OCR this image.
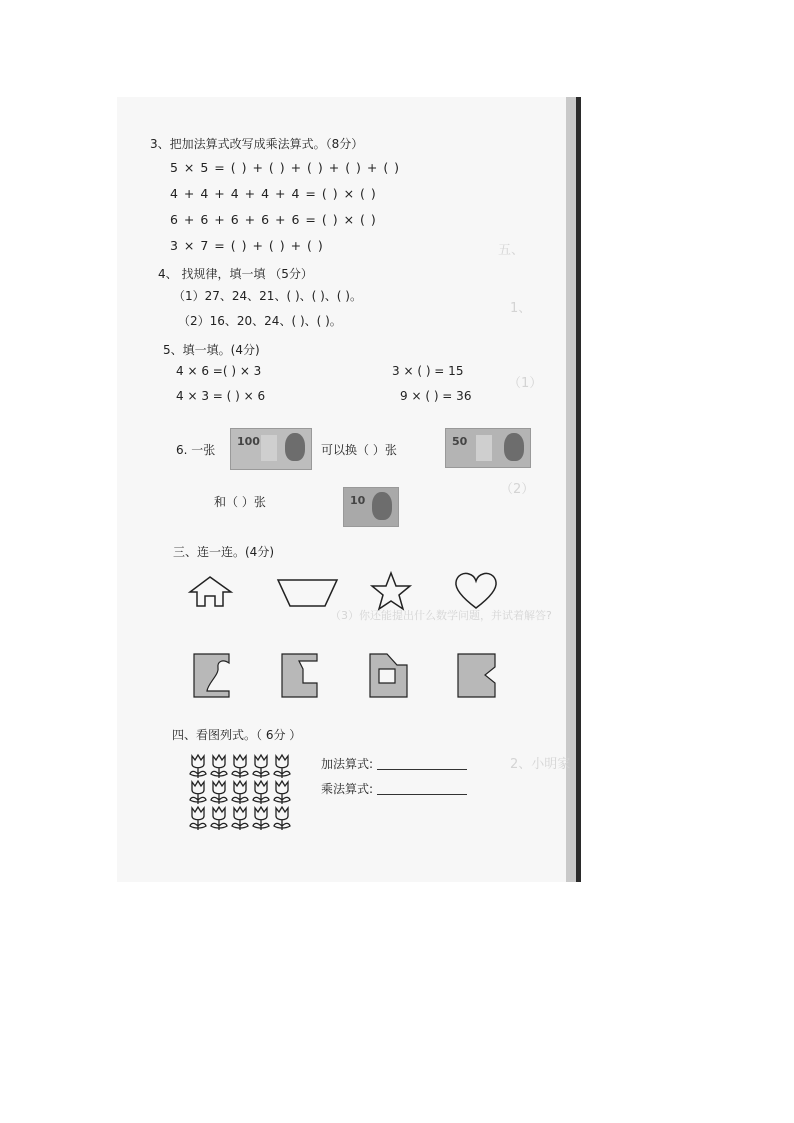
五、
1、
（1）
（2）
（3）你还能提出什么数学问题，并试着解答?
2、小明家
3、把加法算式改写成乘法算式。（8分）
5 × 5 = ( ) + ( ) + ( ) + ( ) + ( )
4 + 4 + 4 + 4 + 4 = ( ) × ( )
6 + 6 + 6 + 6 + 6 = ( ) × ( )
3 × 7 = ( ) + ( ) + ( )
4、 找规律，填一填 （5分）
（1）27、24、21、( )、( )、( )。
（2）16、20、24、( )、( )。
5、填一填。(4分)
4 × 6 =( ) × 3	3 × ( ) = 15
4 × 3 = ( ) × 6	9 × ( ) = 36
6. 一张
100
可以换（ ）张
50
和（ ）张	10
三、连一连。(4分)
四、看图列式。（ 6分 ）
加法算式:
乘法算式:
